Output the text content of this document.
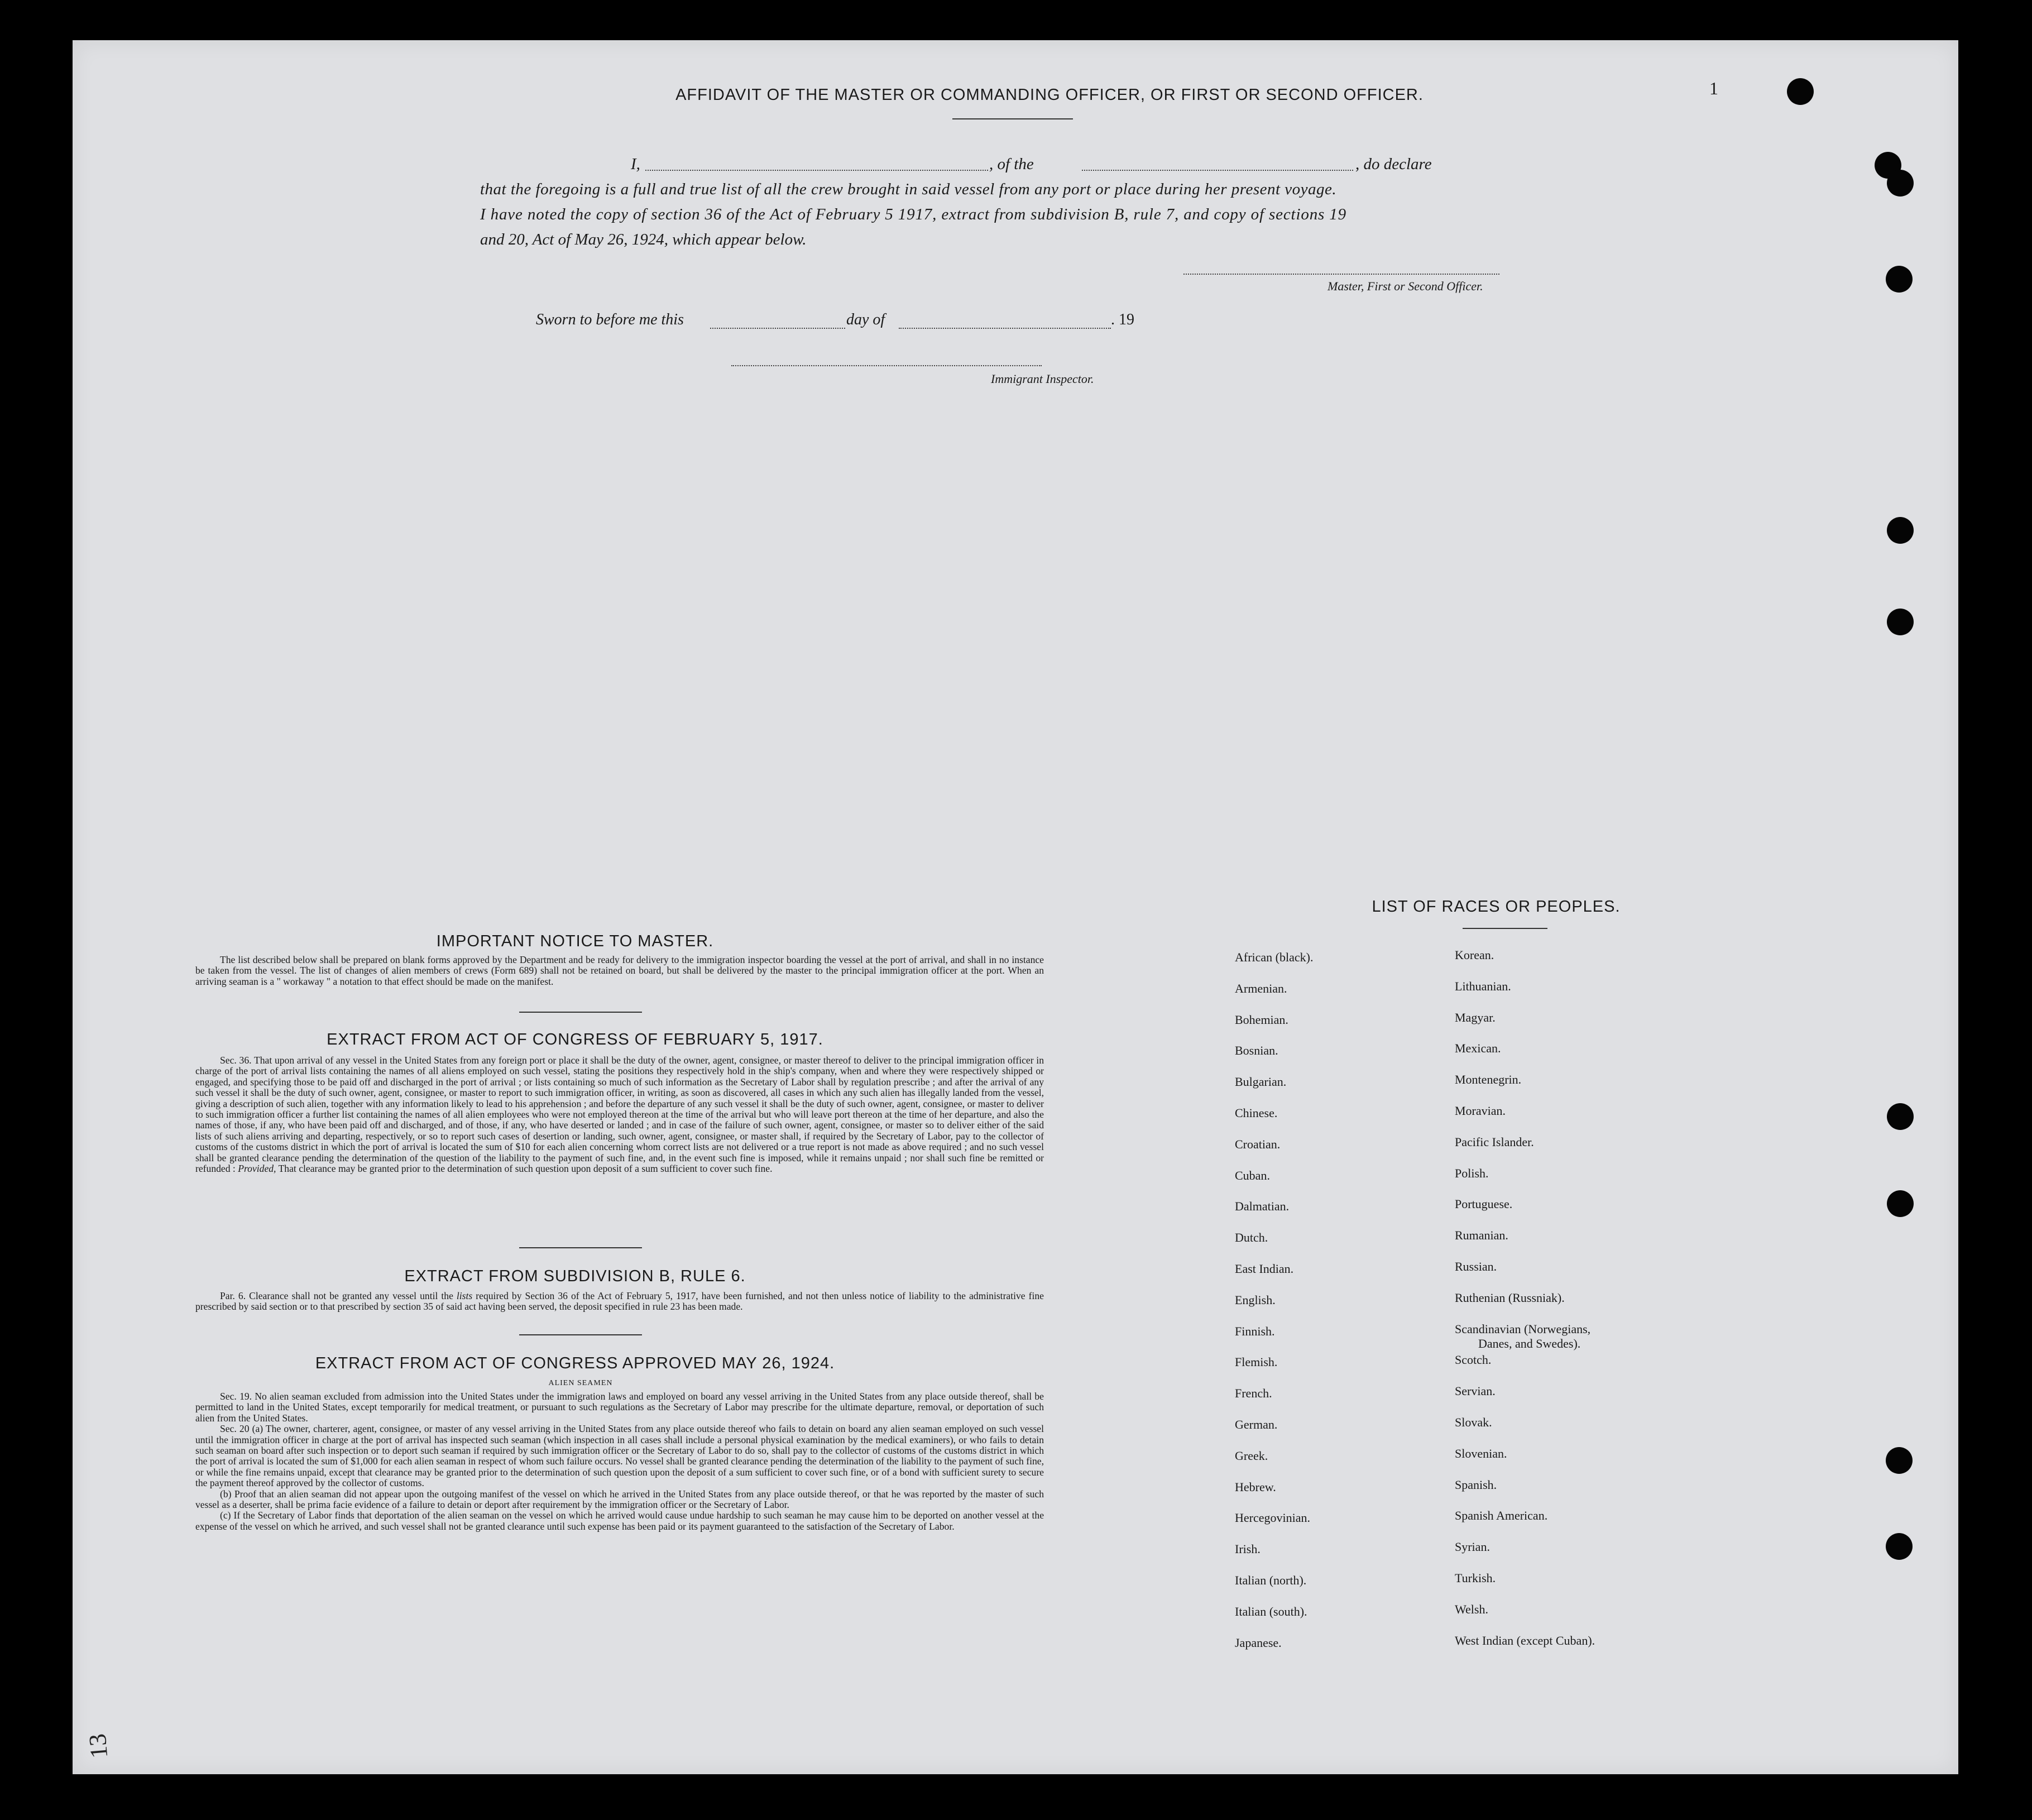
1
AFFIDAVIT OF THE MASTER OR COMMANDING OFFICER, OR FIRST OR SECOND OFFICER.
I,	, of the	, do declare
that the foregoing is a full and true list of all the crew brought in said vessel from any port or place during her present voyage.
I have noted the copy of section 36 of the Act of February 5 1917, extract from subdivision B, rule 7, and copy of sections 19
and 20, Act of May 26, 1924, which appear below.
Master, First or Second Officer.
Sworn to before me this	day of	. 19
Immigrant Inspector.
IMPORTANT NOTICE TO MASTER.

The list described below shall be prepared on blank forms approved by the Department and be ready for delivery to the immigration inspector boarding the vessel at the port of arrival, and shall in no instance be taken from the vessel. The list of changes of alien members of crews (Form 689) shall not be retained on board, but shall be delivered by the master to the principal immigration officer at the port. When an arriving seaman is a " workaway " a notation to that effect should be made on the manifest.

EXTRACT FROM ACT OF CONGRESS OF FEBRUARY 5, 1917.

Sec. 36. That upon arrival of any vessel in the United States from any foreign port or place it shall be the duty of the owner, agent, consignee, or master thereof to deliver to the principal immigration officer in charge of the port of arrival lists containing the names of all aliens employed on such vessel, stating the positions they respectively hold in the ship's company, when and where they were respectively shipped or engaged, and specifying those to be paid off and discharged in the port of arrival ; or lists containing so much of such information as the Secretary of Labor shall by regulation prescribe ; and after the arrival of any such vessel it shall be the duty of such owner, agent, consignee, or master to report to such immigration officer, in writing, as soon as discovered, all cases in which any such alien has illegally landed from the vessel, giving a description of such alien, together with any information likely to lead to his apprehension ; and before the departure of any such vessel it shall be the duty of such owner, agent, consignee, or master to deliver to such immigration officer a further list containing the names of all alien employees who were not employed thereon at the time of the arrival but who will leave port thereon at the time of her departure, and also the names of those, if any, who have been paid off and discharged, and of those, if any, who have deserted or landed ; and in case of the failure of such owner, agent, consignee, or master so to deliver either of the said lists of such aliens arriving and departing, respectively, or so to report such cases of desertion or landing, such owner, agent, consignee, or master shall, if required by the Secretary of Labor, pay to the collector of customs of the customs district in which the port of arrival is located the sum of $10 for each alien concerning whom correct lists are not delivered or a true report is not made as above required ; and no such vessel shall be granted clearance pending the determination of the question of the liability to the payment of such fine, and, in the event such fine is imposed, while it remains unpaid ; nor shall such fine be remitted or refunded : Provided, That clearance may be granted prior to the determination of such question upon deposit of a sum sufficient to cover such fine.

EXTRACT FROM SUBDIVISION B, RULE 6.

Par. 6. Clearance shall not be granted any vessel until the lists required by Section 36 of the Act of February 5, 1917, have been furnished, and not then unless notice of liability to the administrative fine prescribed by said section or to that prescribed by section 35 of said act having been served, the deposit specified in rule 23 has been made.

EXTRACT FROM ACT OF CONGRESS APPROVED MAY 26, 1924.
ALIEN SEAMEN

Sec. 19. No alien seaman excluded from admission into the United States under the immigration laws and employed on board any vessel arriving in the United States from any place outside thereof, shall be permitted to land in the United States, except temporarily for medical treatment, or pursuant to such regulations as the Secretary of Labor may prescribe for the ultimate departure, removal, or deportation of such alien from the United States.

Sec. 20 (a) The owner, charterer, agent, consignee, or master of any vessel arriving in the United States from any place outside thereof who fails to detain on board any alien seaman employed on such vessel until the immigration officer in charge at the port of arrival has inspected such seaman (which inspection in all cases shall include a personal physical examination by the medical examiners), or who fails to detain such seaman on board after such inspection or to deport such seaman if required by such immigration officer or the Secretary of Labor to do so, shall pay to the collector of customs of the customs district in which the port of arrival is located the sum of $1,000 for each alien seaman in respect of whom such failure occurs. No vessel shall be granted clearance pending the determination of the liability to the payment of such fine, or while the fine remains unpaid, except that clearance may be granted prior to the determination of such question upon the deposit of a sum sufficient to cover such fine, or of a bond with sufficient surety to secure the payment thereof approved by the collector of customs.

(b) Proof that an alien seaman did not appear upon the outgoing manifest of the vessel on which he arrived in the United States from any place outside thereof, or that he was reported by the master of such vessel as a deserter, shall be prima facie evidence of a failure to detain or deport after requirement by the immigration officer or the Secretary of Labor.

(c) If the Secretary of Labor finds that deportation of the alien seaman on the vessel on which he arrived would cause undue hardship to such seaman he may cause him to be deported on another vessel at the expense of the vessel on which he arrived, and such vessel shall not be granted clearance until such expense has been paid or its payment guaranteed to the satisfaction of the Secretary of Labor.

LIST OF RACES OR PEOPLES.
African (black).
Armenian.
Bohemian.
Bosnian.
Bulgarian.
Chinese.
Croatian.
Cuban.
Dalmatian.
Dutch.
East Indian.
English.
Finnish.
Flemish.
French.
German.
Greek.
Hebrew.
Hercegovinian.
Irish.
Italian (north).
Italian (south).
Japanese.
Korean.
Lithuanian.
Magyar.
Mexican.
Montenegrin.
Moravian.
Pacific Islander.
Polish.
Portuguese.
Rumanian.
Russian.
Ruthenian (Russniak).
Scandinavian (Norwegians,
Danes, and Swedes).
Scotch.
Servian.
Slovak.
Slovenian.
Spanish.
Spanish American.
Syrian.
Turkish.
Welsh.
West Indian (except Cuban).
13
